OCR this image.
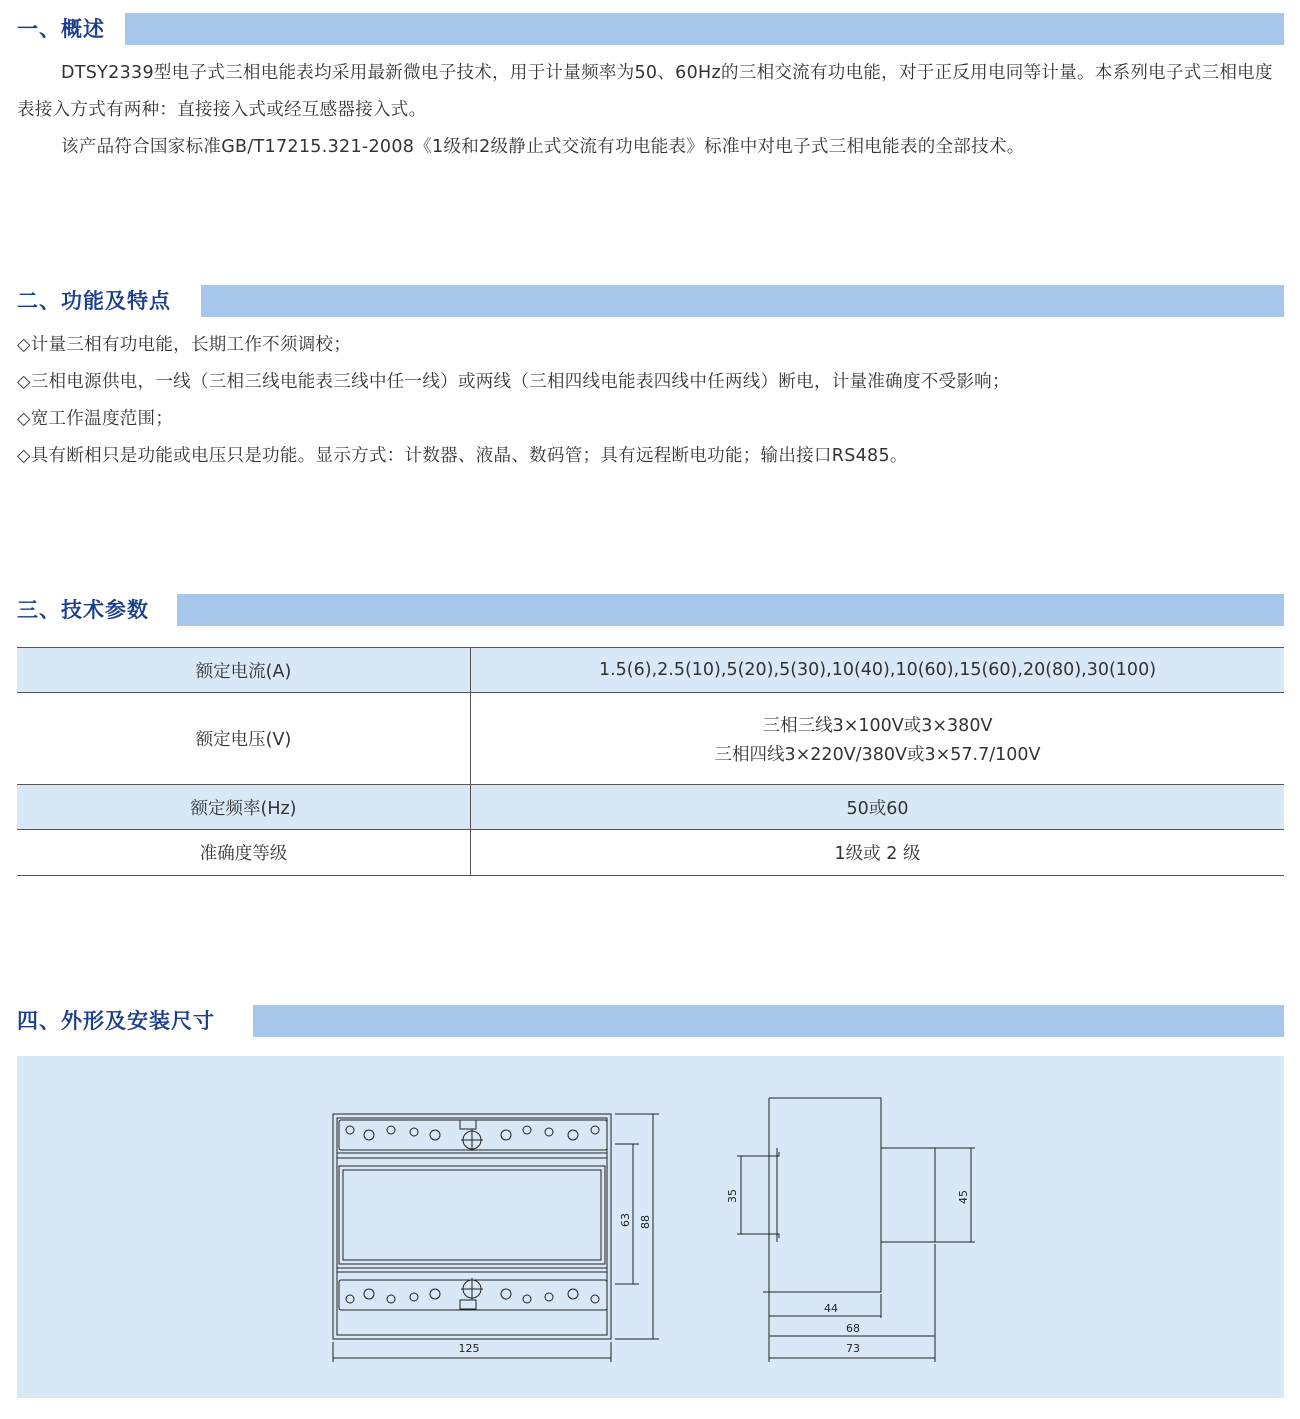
一、概述

DTSY2339型电子式三相电能表均采用最新微电子技术，用于计量频率为50、60Hz的三相交流有功电能，对于正反用电同等计量。本系列电子式三相电度表接入方式有两种：直接接入式或经互感器接入式。

该产品符合国家标准GB/T17215.321-2008《1级和2级静止式交流有功电能表》标准中对电子式三相电能表的全部技术。

二、功能及特点

◇计量三相有功电能，长期工作不须调校；

◇三相电源供电，一线（三相三线电能表三线中任一线）或两线（三相四线电能表四线中任两线）断电，计量准确度不受影响；

◇宽工作温度范围；

◇具有断相只是功能或电压只是功能。显示方式：计数器、液晶、数码管；具有远程断电功能；输出接口RS485。

三、技术参数
额定电流(A)	1.5(6),2.5(10),5(20),5(30),10(40),10(60),15(60),20(80),30(100)
额定电压(V)	三相三线3×100V或3×380V
三相四线3×220V/380V或3×57.7/100V

额定频率(Hz)	50或60
准确度等级	1级或 2 级
四、外形及安装尺寸
125
63 88
35	45
44
68
73
